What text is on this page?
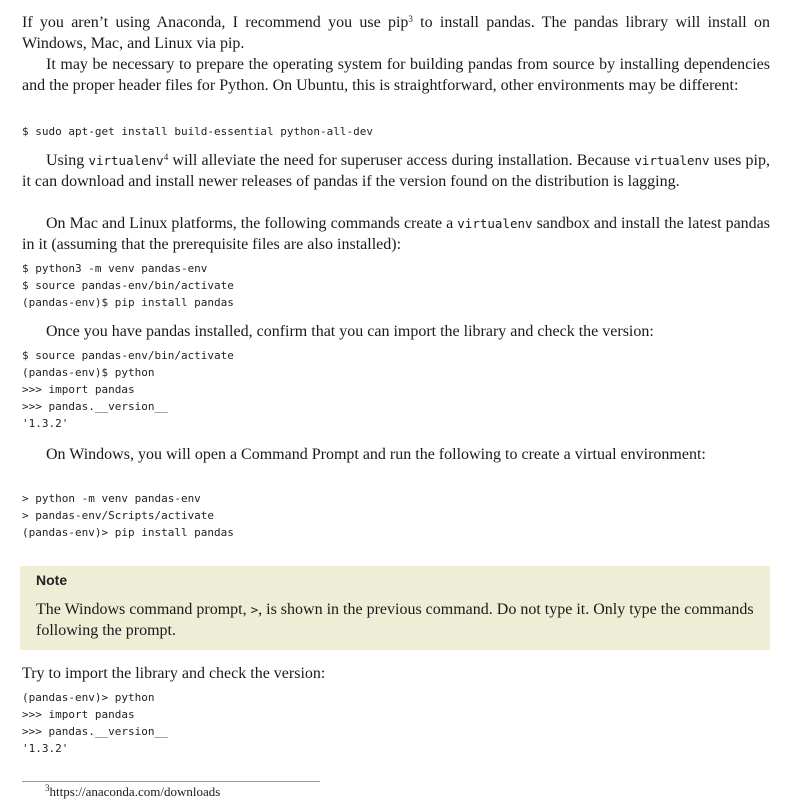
If you aren’t using Anaconda, I recommend you use pip$^3$ to install pandas. The pandas library will install on Windows, Mac, and Linux via pip.

It may be necessary to prepare the operating system for building pandas from source by installing dependencies and the proper header files for Python. On Ubuntu, this is straightforward, other environments may be different:

$ sudo apt-get install build-essential python-all-dev

Using virtualenv$^4$ will alleviate the need for superuser access during installation. Because virtualenv uses pip, it can download and install newer releases of pandas if the version found on the distribution is lagging.

On Mac and Linux platforms, the following commands create a virtualenv sandbox and install the latest pandas in it (assuming that the prerequisite files are also installed):

$ python3 -m venv pandas-env
$ source pandas-env/bin/activate
(pandas-env)$ pip install pandas

Once you have pandas installed, confirm that you can import the library and check the version:

$ source pandas-env/bin/activate
(pandas-env)$ python
>>> import pandas
>>> pandas.__version__
'1.3.2'

On Windows, you will open a Command Prompt and run the following to create a virtual environment:

> python -m venv pandas-env
> pandas-env/Scripts/activate
(pandas-env)> pip install pandas
Note

The Windows command prompt, >, is shown in the previous command. Do not type it. Only type the commands following the prompt.

Try to import the library and check the version:

(pandas-env)> python
>>> import pandas
>>> pandas.__version__
'1.3.2'
$^3$https://anaconda.com/downloads
